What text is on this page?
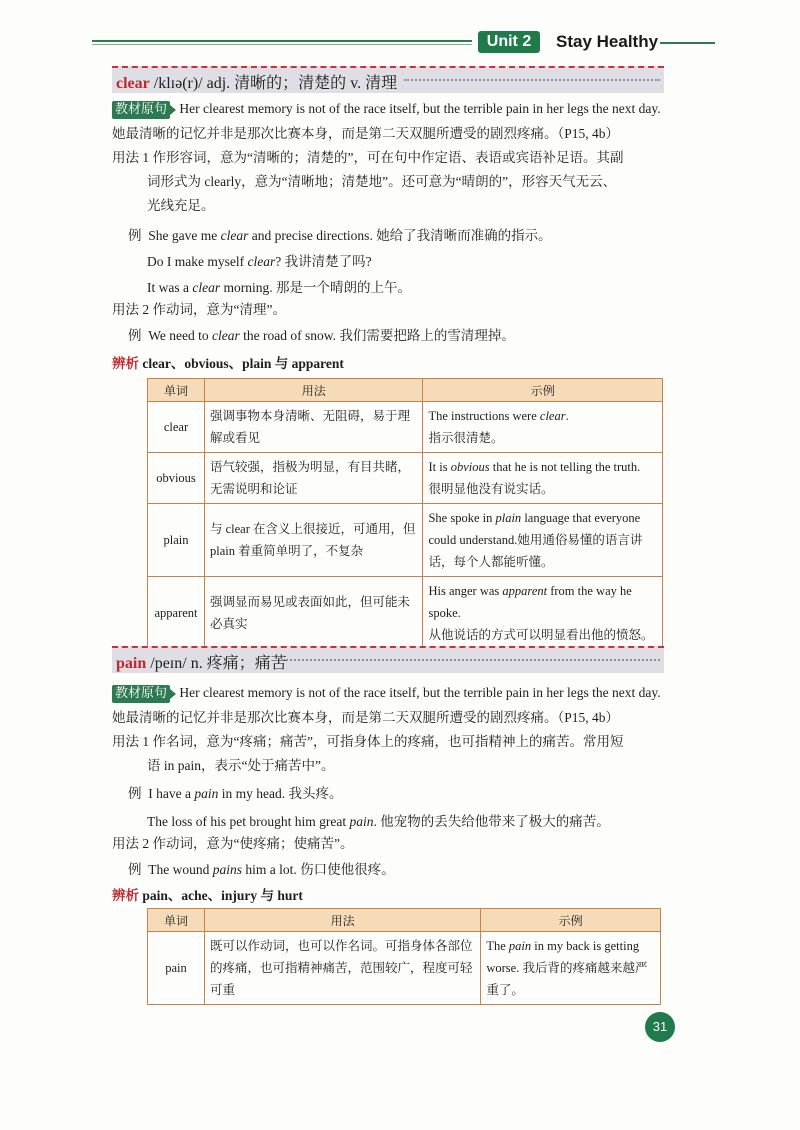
Unit 2	Stay Healthy
clear /klɪə(r)/ adj. 清晰的；清楚的 v. 清理
教材原句 Her clearest memory is not of the race itself, but the terrible pain in her legs the next day. 她最清晰的记忆并非是那次比赛本身，而是第二天双腿所遭受的剧烈疼痛。（P15, 4b）
用法 1 作形容词，意为“清晰的；清楚的”，可在句中作定语、表语或宾语补足语。其副
词形式为 clearly，意为“清晰地；清楚地”。还可意为“晴朗的”，形容天气无云、
光线充足。
例 She gave me clear and precise directions. 她给了我清晰而准确的指示。
Do I make myself clear? 我讲清楚了吗?
It was a clear morning. 那是一个晴朗的上午。
用法 2 作动词，意为“清理”。
例 We need to clear the road of snow. 我们需要把路上的雪清理掉。
辨析 clear、obvious、plain 与 apparent
单词	用法	示例
clear	强调事物本身清晰、无阻碍，易于理解或看见	The instructions were clear.
指示很清楚。
obvious	语气较强，指极为明显，有目共睹，无需说明和论证	It is obvious that he is not telling the truth.
很明显他没有说实话。
plain	与 clear 在含义上很接近，可通用，但 plain 着重简单明了，不复杂	She spoke in plain language that everyone could understand.她用通俗易懂的语言讲话，每个人都能听懂。
apparent	强调显而易见或表面如此，但可能未必真实	His anger was apparent from the way he spoke.
从他说话的方式可以明显看出他的愤怒。
pain /peɪn/ n. 疼痛；痛苦
教材原句 Her clearest memory is not of the race itself, but the terrible pain in her legs the next day. 她最清晰的记忆并非是那次比赛本身，而是第二天双腿所遭受的剧烈疼痛。（P15, 4b）
用法 1 作名词，意为“疼痛；痛苦”，可指身体上的疼痛，也可指精神上的痛苦。常用短
语 in pain，表示“处于痛苦中”。
例 I have a pain in my head. 我头疼。
The loss of his pet brought him great pain. 他宠物的丢失给他带来了极大的痛苦。
用法 2 作动词，意为“使疼痛；使痛苦”。
例 The wound pains him a lot. 伤口使他很疼。
辨析 pain、ache、injury 与 hurt
单词	用法	示例
pain	既可以作动词，也可以作名词。可指身体各部位的疼痛，也可指精神痛苦，范围较广，程度可轻可重	The pain in my back is getting worse. 我后背的疼痛越来越严重了。
31
